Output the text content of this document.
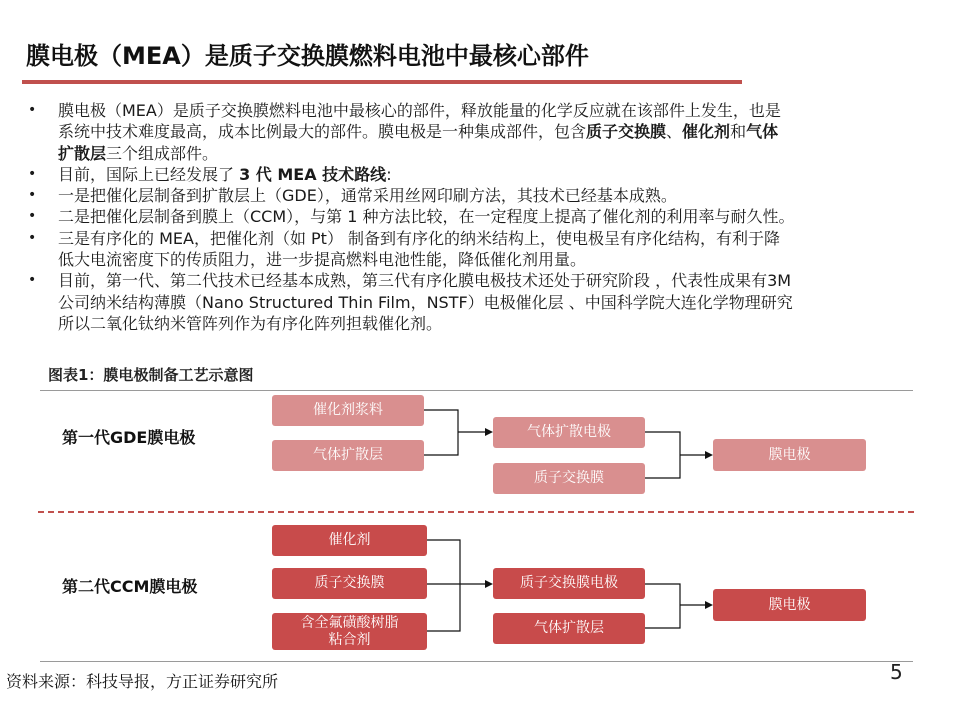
膜电极（MEA）是质子交换膜燃料电池中最核心部件
• 膜电极（MEA）是质子交换膜燃料电池中最核心的部件，释放能量的化学反应就在该部件上发生，也是
系统中技术难度最高，成本比例最大的部件。膜电极是一种集成部件，包含质子交换膜、催化剂和气体
扩散层三个组成部件。
• 目前，国际上已经发展了 3 代 MEA 技术路线:
• 一是把催化层制备到扩散层上（GDE），通常采用丝网印刷方法，其技术已经基本成熟。
• 二是把催化层制备到膜上（CCM），与第 1 种方法比较，在一定程度上提高了催化剂的利用率与耐久性。
• 三是有序化的 MEA，把催化剂（如 Pt） 制备到有序化的纳米结构上，使电极呈有序化结构，有利于降
低大电流密度下的传质阻力，进一步提高燃料电池性能，降低催化剂用量。
• 目前，第一代、第二代技术已经基本成熟，第三代有序化膜电极技术还处于研究阶段 ，代表性成果有3M
公司纳米结构薄膜（Nano Structured Thin Film，NSTF）电极催化层 、中国科学院大连化学物理研究
所以二氧化钛纳米管阵列作为有序化阵列担载催化剂。
图表1：膜电极制备工艺示意图
第一代GDE膜电极
催化剂浆料
气体扩散层
气体扩散电极
质子交换膜
膜电极
第二代CCM膜电极
催化剂
质子交换膜
含全氟磺酸树脂
粘合剂
质子交换膜电极
气体扩散层
膜电极
资料来源：科技导报，方正证券研究所	5
